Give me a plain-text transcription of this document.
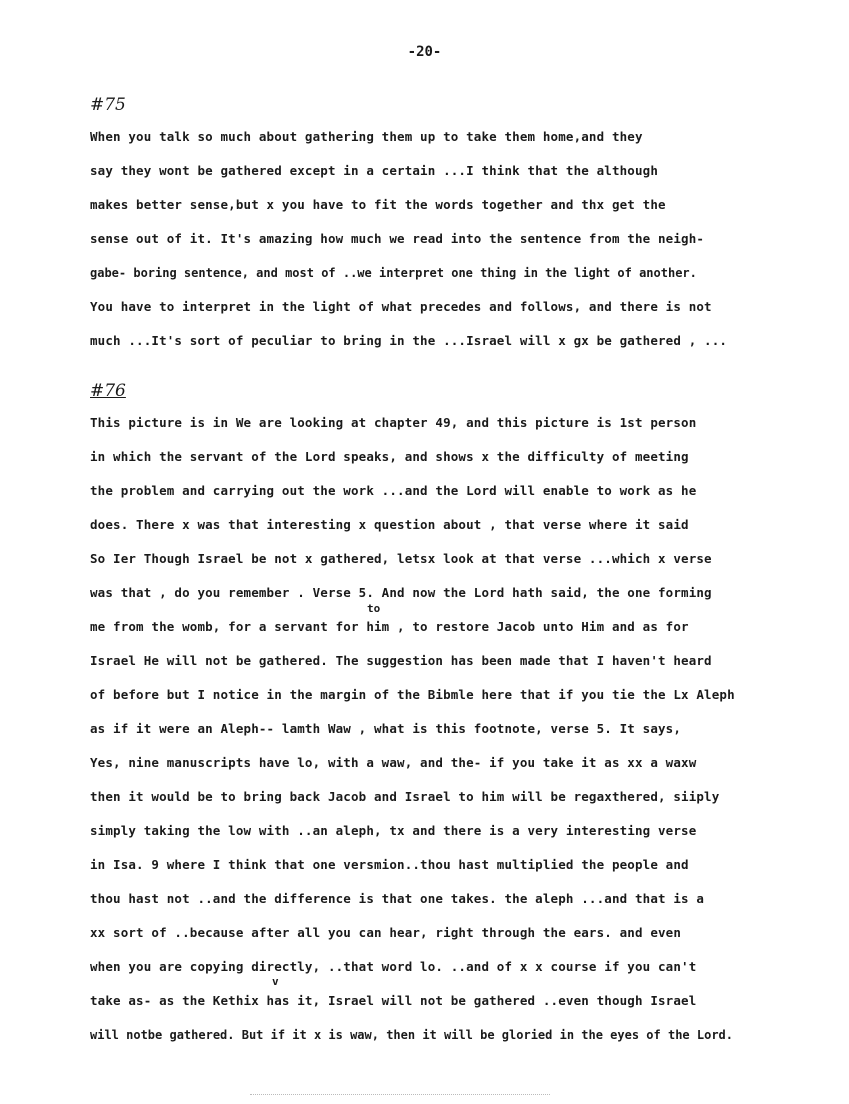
-20-
#75
When you talk so much about gathering them up to take them home,and they
say they wont be gathered except in a certain ...I think that the although
makes better sense,but x you have to fit the words together and thx get the
sense out of it. It's amazing how much we read into the sentence from the neigh-
gabe- boring sentence, and most of ..we interpret one thing in the light of another.
You have to interpret in the light of what precedes and follows, and there is not
much ...It's sort of peculiar to bring in the ...Israel will x gx be gathered , ...
#76
This picture is in We are looking at chapter 49, and this picture is 1st person
in which the servant of the Lord speaks, and shows x the difficulty of meeting
the problem and carrying out the work ...and the Lord will enable to work as he
does. There x was that interesting x question about , that verse where it said
So Ier Though Israel be not x gathered, letsx look at that verse ...which x verse
was that , do you remember . Verse 5. And now the Lord hath said, the one forming
me from the womb, for a servant for him , to restore Jacob unto Him and as for
Israel He will not be gathered. The suggestion has been made that I haven't heard
of before but I notice in the margin of the Bibmle here that if you tie the Lx Aleph
as if it were an Aleph-- lamth Waw , what is this footnote, verse 5. It says,
Yes, nine manuscripts have lo, with a waw, and the- if you take it as xx a waxw
then it would be to bring back Jacob and Israel to him will be regaxthered, siiply
simply taking the low with ..an aleph, tx and there is a very interesting verse
in Isa. 9 where I think that one versmion..thou hast multiplied the people and
thou hast not ..and the difference is that one takes. the aleph ...and that is a
xx sort of ..because after all you can hear, right through the ears. and even
when you are copying directly, ..that word lo. ..and of x x course if you can't
take as- as the Kethix has it, Israel will not be gathered ..even though Israel
will notbe gathered. But if it x is waw, then it will be gloried in the eyes of the Lord.
to
v
